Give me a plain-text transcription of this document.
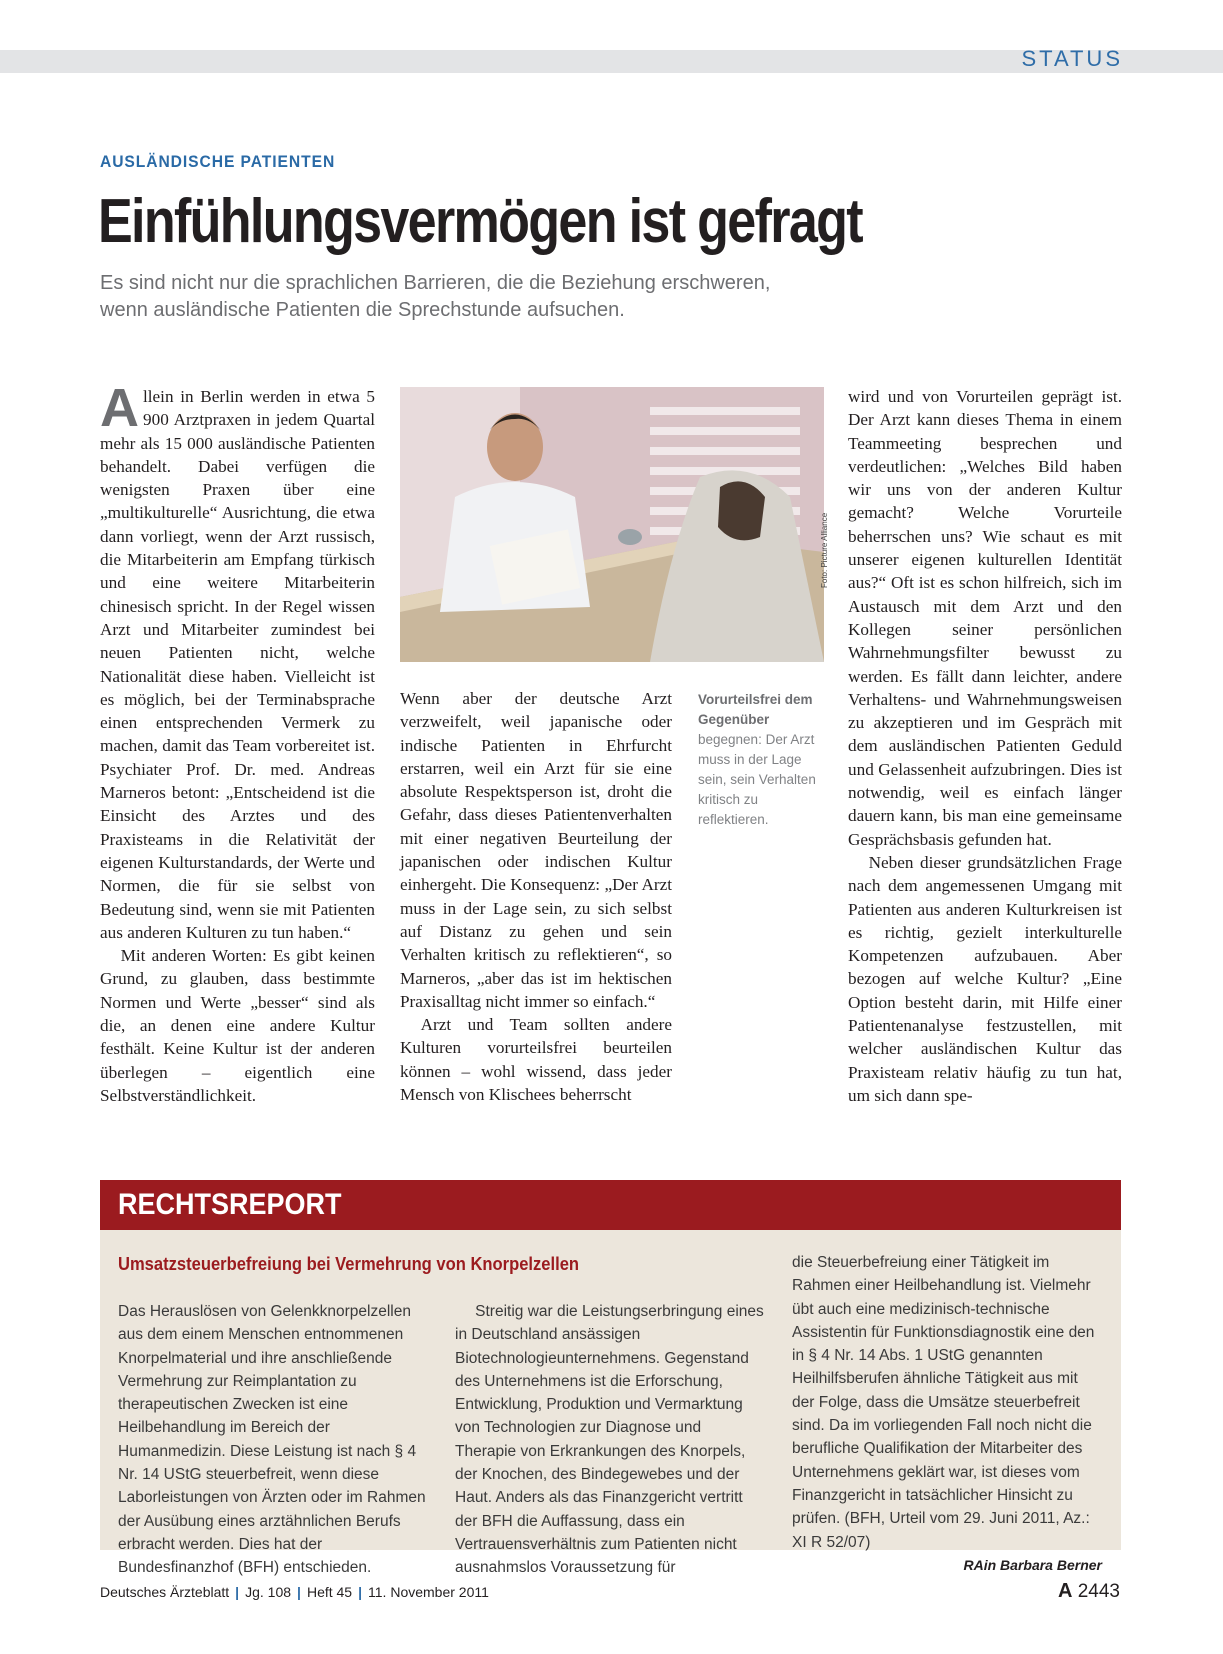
STATUS
AUSLÄNDISCHE PATIENTEN
Einfühlungsvermögen ist gefragt
Es sind nicht nur die sprachlichen Barrieren, die die Beziehung erschweren,
wenn ausländische Patienten die Sprechstunde aufsuchen.

Allein in Berlin werden in etwa 5 900 Arztpraxen in jedem Quartal mehr als 15 000 ausländische Patienten behandelt. Dabei verfügen die wenigsten Praxen über eine „multikulturelle“ Ausrichtung, die etwa dann vorliegt, wenn der Arzt russisch, die Mitarbeiterin am Empfang türkisch und eine weitere Mitarbeiterin chinesisch spricht. In der Regel wissen Arzt und Mitarbeiter zumindest bei neuen Patienten nicht, welche Nationalität diese haben. Vielleicht ist es möglich, bei der Terminabsprache einen entsprechenden Vermerk zu machen, damit das Team vorbereitet ist. Psychiater Prof. Dr. med. Andreas Marneros betont: „Entscheidend ist die Einsicht des Arztes und des Praxisteams in die Relativität der eigenen Kulturstandards, der Werte und Normen, die für sie selbst von Bedeutung sind, wenn sie mit Patienten aus anderen Kulturen zu tun haben.“

Mit anderen Worten: Es gibt keinen Grund, zu glauben, dass bestimmte Normen und Werte „besser“ sind als die, an denen eine andere Kultur festhält. Keine Kultur ist der anderen überlegen – eigentlich eine Selbstverständlichkeit.

Foto: Picture Alliance

Wenn aber der deutsche Arzt verzweifelt, weil japanische oder indische Patienten in Ehrfurcht erstarren, weil ein Arzt für sie eine absolute Respektsperson ist, droht die Gefahr, dass dieses Patientenverhalten mit einer negativen Beurteilung der japanischen oder indischen Kultur einhergeht. Die Konsequenz: „Der Arzt muss in der Lage sein, zu sich selbst auf Distanz zu gehen und sein Verhalten kritisch zu reflektieren“, so Marneros, „aber das ist im hektischen Praxisalltag nicht immer so einfach.“

Arzt und Team sollten andere Kulturen vorurteilsfrei beurteilen können – wohl wissend, dass jeder Mensch von Klischees beherrscht

Vorurteilsfrei dem Gegenüber begegnen: Der Arzt muss in der Lage sein, sein Verhalten kritisch zu reflektieren.

wird und von Vorurteilen geprägt ist. Der Arzt kann dieses Thema in einem Teammeeting besprechen und verdeutlichen: „Welches Bild haben wir uns von der anderen Kultur gemacht? Welche Vorurteile beherrschen uns? Wie schaut es mit unserer eigenen kulturellen Identität aus?“ Oft ist es schon hilfreich, sich im Austausch mit dem Arzt und den Kollegen seiner persönlichen Wahrnehmungsfilter bewusst zu werden. Es fällt dann leichter, andere Verhaltens- und Wahrnehmungsweisen zu akzeptieren und im Gespräch mit dem ausländischen Patienten Geduld und Gelassenheit aufzubringen. Dies ist notwendig, weil es einfach länger dauern kann, bis man eine gemeinsame Gesprächsbasis gefunden hat.

Neben dieser grundsätzlichen Frage nach dem angemessenen Umgang mit Patienten aus anderen Kulturkreisen ist es richtig, gezielt interkulturelle Kompetenzen aufzubauen. Aber bezogen auf welche Kultur? „Eine Option besteht darin, mit Hilfe einer Patientenanalyse festzustellen, mit welcher ausländischen Kultur das Praxisteam relativ häufig zu tun hat, um sich dann spe-

RECHTSREPORT
Umsatzsteuerbefreiung bei Vermehrung von Knorpelzellen

Das Herauslösen von Gelenkknorpelzellen aus dem einem Menschen entnommenen Knorpelmaterial und ihre anschließende Vermehrung zur Reimplantation zu therapeutischen Zwecken ist eine Heilbehandlung im Bereich der Humanmedizin. Diese Leistung ist nach § 4 Nr. 14 UStG steuerbefreit, wenn diese Laborleistungen von Ärzten oder im Rahmen der Ausübung eines arztähnlichen Berufs erbracht werden. Dies hat der Bundesfinanzhof (BFH) entschieden.

Streitig war die Leistungserbringung eines in Deutschland ansässigen Biotechnologieunternehmens. Gegenstand des Unternehmens ist die Erforschung, Entwicklung, Produktion und Vermarktung von Technologien zur Diagnose und Therapie von Erkrankungen des Knorpels, der Knochen, des Bindegewebes und der Haut. Anders als das Finanzgericht vertritt der BFH die Auffassung, dass ein Vertrauensverhältnis zum Patienten nicht ausnahmslos Voraussetzung für

die Steuerbefreiung einer Tätigkeit im Rahmen einer Heilbehandlung ist. Vielmehr übt auch eine medizinisch-technische Assistentin für Funktionsdiagnostik eine den in § 4 Nr. 14 Abs. 1 UStG genannten Heilhilfsberufen ähnliche Tätigkeit aus mit der Folge, dass die Umsätze steuerbefreit sind. Da im vorliegenden Fall noch nicht die berufliche Qualifikation der Mitarbeiter des Unternehmens geklärt war, ist dieses vom Finanzgericht in tatsächlicher Hinsicht zu prüfen. (BFH, Urteil vom 29. Juni 2011, Az.: XI R 52/07)

RAin Barbara Berner
Deutsches Ärzteblatt | Jg. 108 | Heft 45 | 11. November 2011	A 2443
